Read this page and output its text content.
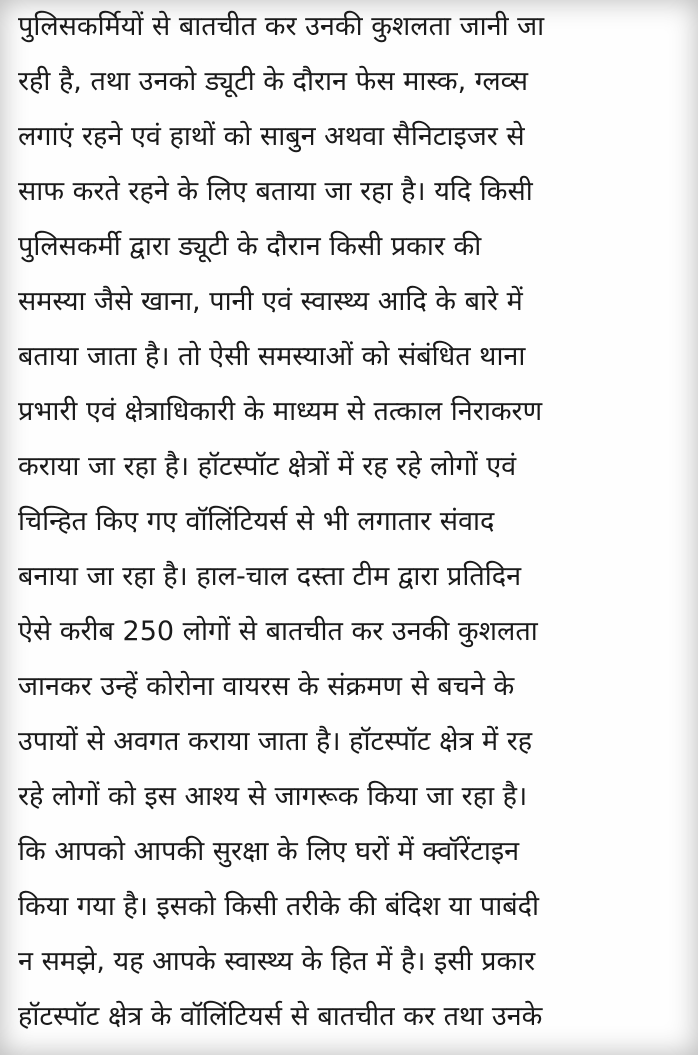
पुलिसकर्मियों से बातचीत कर उनकी कुशलता जानी जा

रही है, तथा उनको ड्यूटी के दौरान फेस मास्क, ग्लव्स

लगाएं रहने एवं हाथों को साबुन अथवा सैनिटाइजर से

साफ करते रहने के लिए बताया जा रहा है। यदि किसी

पुलिसकर्मी द्वारा ड्यूटी के दौरान किसी प्रकार की

समस्या जैसे खाना, पानी एवं स्वास्थ्य आदि के बारे में

बताया जाता है। तो ऐसी समस्याओं को संबंधित थाना

प्रभारी एवं क्षेत्राधिकारी के माध्यम से तत्काल निराकरण

कराया जा रहा है। हॉटस्पॉट क्षेत्रों में रह रहे लोगों एवं

चिन्हित किए गए वॉलिंटियर्स से भी लगातार संवाद

बनाया जा रहा है। हाल-चाल दस्ता टीम द्वारा प्रतिदिन

ऐसे करीब 250 लोगों से बातचीत कर उनकी कुशलता

जानकर उन्हें कोरोना वायरस के संक्रमण से बचने के

उपायों से अवगत कराया जाता है। हॉटस्पॉट क्षेत्र में रह

रहे लोगों को इस आश्य से जागरूक किया जा रहा है।

कि आपको आपकी सुरक्षा के लिए घरों में क्वॉरेंटाइन

किया गया है। इसको किसी तरीके की बंदिश या पाबंदी

न समझे, यह आपके स्वास्थ्य के हित में है। इसी प्रकार

हॉटस्पॉट क्षेत्र के वॉलिंटियर्स से बातचीत कर तथा उनके
